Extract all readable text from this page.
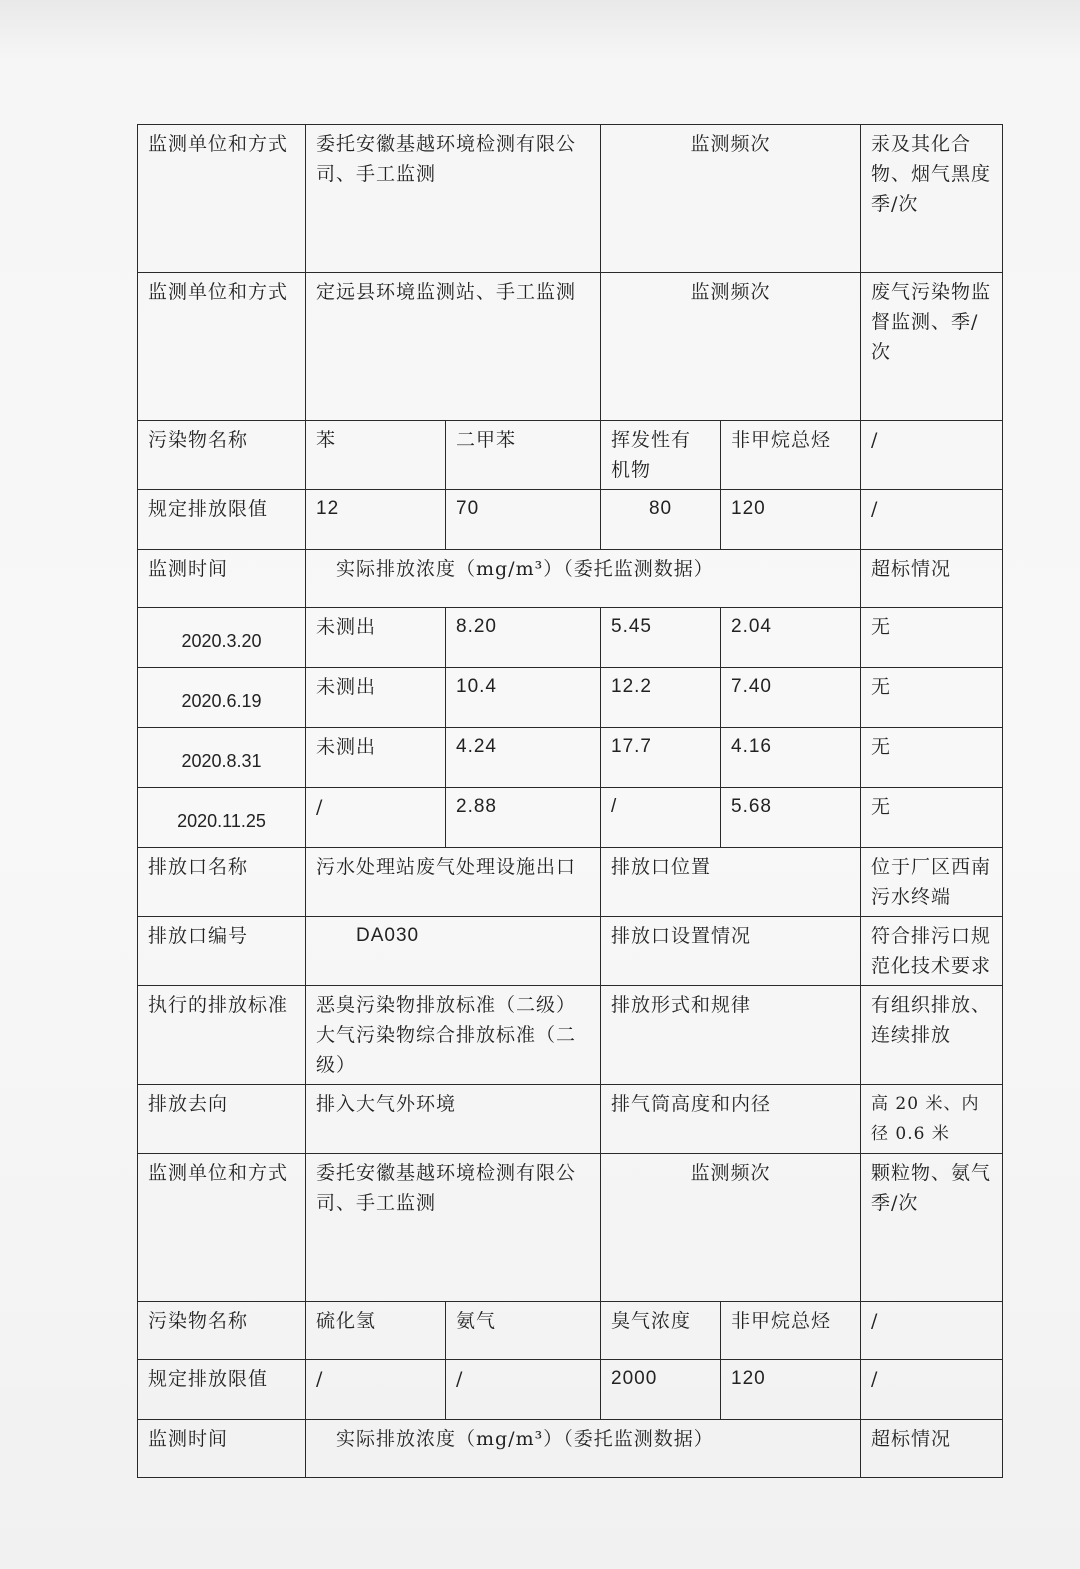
监测单位和方式	委托安徽基越环境检测有限公司、手工监测		监测频次		汞及其化合物、烟气黑度　季/次
监测单位和方式	定远县环境监测站、手工监测		监测频次		废气污染物监督监测、季/次
污染物名称	苯	二甲苯	挥发性有机物	非甲烷总烃	/
规定排放限值	12	70	80	120	/
监测时间	实际排放浓度（mg/m³）（委托监测数据）				超标情况

2020.3.20	未测出	8.20	5.45	2.04	无

2020.6.19	未测出	10.4	12.2	7.40	无

2020.8.31	未测出	4.24	17.7	4.16	无

2020.11.25	/	2.88	/	5.68	无
排放口名称	污水处理站废气处理设施出口		排放口位置		位于厂区西南污水终端
排放口编号	DA030		排放口设置情况		符合排污口规范化技术要求
执行的排放标准	恶臭污染物排放标准（二级）大气污染物综合排放标准（二级）		排放形式和规律		有组织排放、连续排放
排放去向	排入大气外环境		排气筒高度和内径		高 20 米、内径 0.6 米
监测单位和方式	委托安徽基越环境检测有限公司、手工监测		监测频次		颗粒物、氨气　季/次
污染物名称	硫化氢	氨气	臭气浓度	非甲烷总烃	/
规定排放限值	/	/	2000	120	/
监测时间	实际排放浓度（mg/m³）（委托监测数据）				超标情况
